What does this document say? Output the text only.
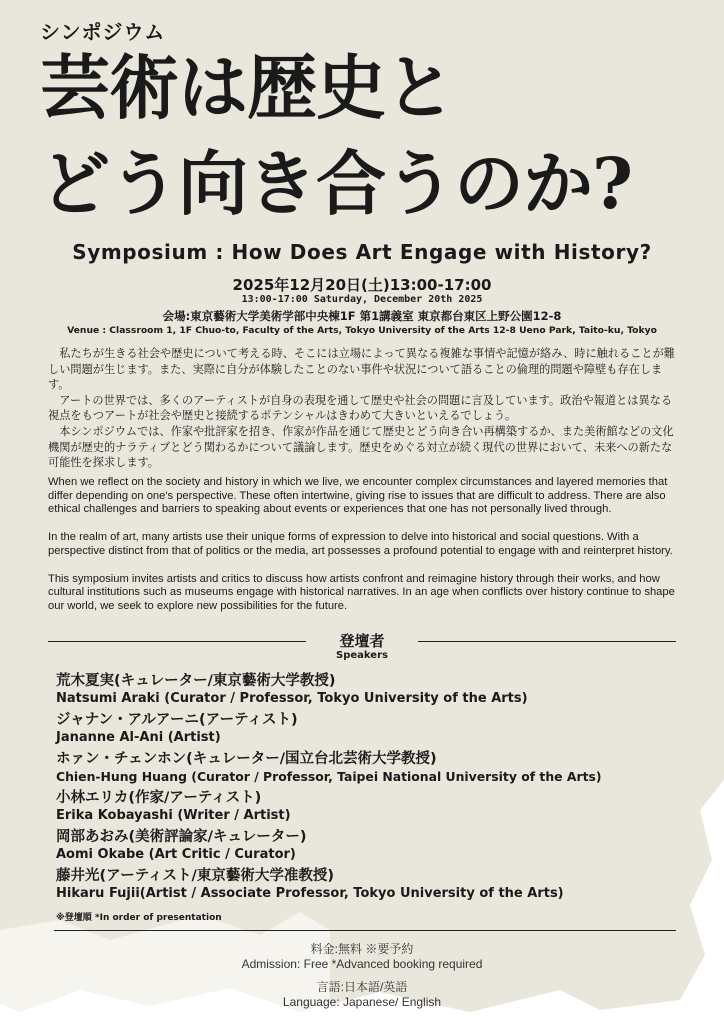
シンポジウム
芸術は歴史と
どう向き合うのか?
Symposium : How Does Art Engage with History?
2025年12月20日(土)13:00-17:00
13:00-17:00 Saturday, December 20th 2025
会場:東京藝術大学美術学部中央棟1F 第1講義室 東京都台東区上野公園12-8
Venue : Classroom 1, 1F Chuo-to, Faculty of the Arts, Tokyo University of the Arts 12-8 Ueno Park, Taito-ku, Tokyo

私たちが生きる社会や歴史について考える時、そこには立場によって異なる複雑な事情や記憶が絡み、時に触れることが難しい問題が生じます。また、実際に自分が体験したことのない事件や状況について語ることの倫理的問題や障壁も存在します。

アートの世界では、多くのアーティストが自身の表現を通して歴史や社会の問題に言及しています。政治や報道とは異なる視点をもつアートが社会や歴史と接続するポテンシャルはきわめて大きいといえるでしょう。

本シンポジウムでは、作家や批評家を招き、作家が作品を通じて歴史とどう向き合い再構築するか、また美術館などの文化機関が歴史的ナラティブとどう関わるかについて議論します。歴史をめぐる対立が続く現代の世界において、未来への新たな可能性を探求します。

When we reflect on the society and history in which we live, we encounter complex circumstances and layered memories that differ depending on one's perspective. These often intertwine, giving rise to issues that are difficult to address. There are also ethical challenges and barriers to speaking about events or experiences that one has not personally lived through.

In the realm of art, many artists use their unique forms of expression to delve into historical and social questions. With a perspective distinct from that of politics or the media, art possesses a profound potential to engage with and reinterpret history.

This symposium invites artists and critics to discuss how artists confront and reimagine history through their works, and how cultural institutions such as museums engage with historical narratives. In an age when conflicts over history continue to shape our world, we seek to explore new possibilities for the future.

登壇者
Speakers
荒木夏実(キュレーター/東京藝術大学教授)
Natsumi Araki (Curator / Professor, Tokyo University of the Arts)
ジャナン・アルアーニ(アーティスト)
Jananne Al-Ani (Artist)
ホァン・チェンホン(キュレーター/国立台北芸術大学教授)
Chien-Hung Huang (Curator / Professor, Taipei National University of the Arts)
小林エリカ(作家/アーティスト)
Erika Kobayashi (Writer / Artist)
岡部あおみ(美術評論家/キュレーター)
Aomi Okabe (Art Critic / Curator)
藤井光(アーティスト/東京藝術大学准教授)
Hikaru Fujii(Artist / Associate Professor, Tokyo University of the Arts)
※登壇順 *In order of presentation
料金:無料 ※要予約
Admission: Free *Advanced booking required
言語:日本語/英語
Language: Japanese/ English
